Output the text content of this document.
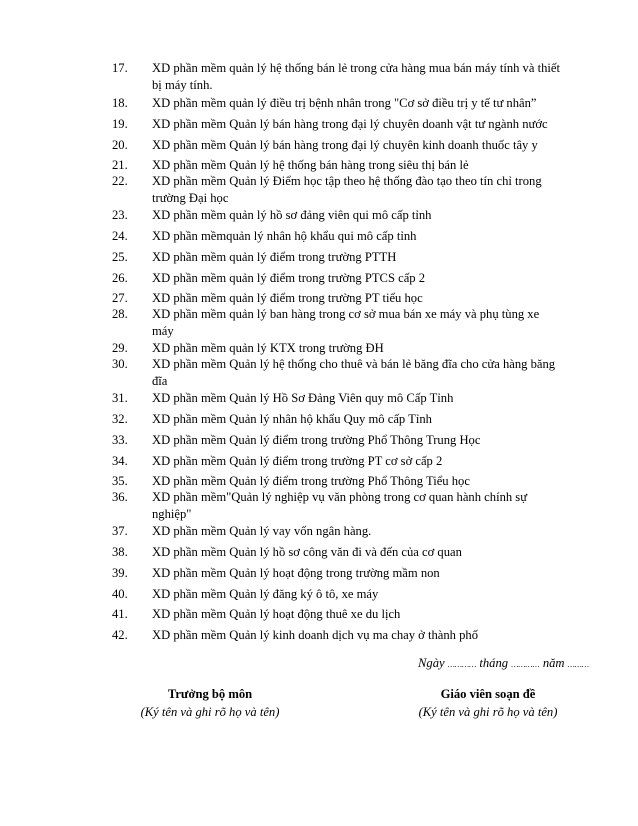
17. XD phần mềm quản lý hệ thống bán lẻ trong cửa hàng mua bán máy tính và thiết bị máy tính.
18. XD phần mềm quản lý điều trị bệnh nhân trong "Cơ sở điều trị y tế tư nhân”
19. XD phần mềm Quản lý bán hàng trong đại lý chuyên doanh vật tư ngành nước
20. XD phần mềm Quản lý bán hàng trong đại lý chuyên kinh doanh thuốc tây y
21. XD phần mềm Quản lý hệ thống bán hàng trong siêu thị bán lẻ
22. XD phần mềm Quản lý Điểm học tập theo hệ thống đào tạo theo tín chỉ trong trường Đại học
23. XD phần mềm quản lý hồ sơ đảng viên qui mô cấp tỉnh
24. XD phần mềmquản lý nhân hộ khẩu qui mô cấp tỉnh
25. XD phần mềm quản lý điểm trong trường PTTH
26. XD phần mềm quản lý điểm trong trường PTCS cấp 2
27. XD phần mềm quản lý điểm trong trường PT tiểu học
28. XD phần mềm quản lý ban hàng trong cơ sở mua bán xe máy và phụ tùng xe máy
29. XD phần mềm quản lý KTX trong trường ĐH
30. XD phần mềm Quản lý hệ thống cho thuê và bán lẻ băng đĩa cho cửa hàng băng đĩa
31. XD phần mềm Quản lý Hồ Sơ Đảng Viên quy mô Cấp Tỉnh
32. XD phần mềm Quản lý nhân hộ khẩu Quy mô cấp Tỉnh
33. XD phần mềm Quản lý điểm trong trường Phổ Thông Trung Học
34. XD phần mềm Quản lý điểm trong trường PT cơ sở cấp 2
35. XD phần mềm Quản lý điểm trong trường Phổ Thông Tiểu học
36. XD phần mềm"Quản lý nghiệp vụ văn phòng trong cơ quan hành chính sự nghiệp"
37. XD phần mềm Quản lý vay vốn ngân hàng.
38. XD phần mềm Quản lý hồ sơ công văn đi và đến của cơ quan
39. XD phần mềm Quản lý hoạt động trong trường mầm non
40. XD phần mềm Quản lý đăng ký ô tô, xe máy
41. XD phần mềm Quản lý hoạt động thuê xe du lịch
42. XD phần mềm Quản lý kinh doanh dịch vụ ma chay ở thành phố
Ngày ………… tháng ………… năm ………
Trưởng bộ môn
(Ký tên và ghi rõ họ và tên)
Giáo viên soạn đề
(Ký tên và ghi rõ họ và tên)
